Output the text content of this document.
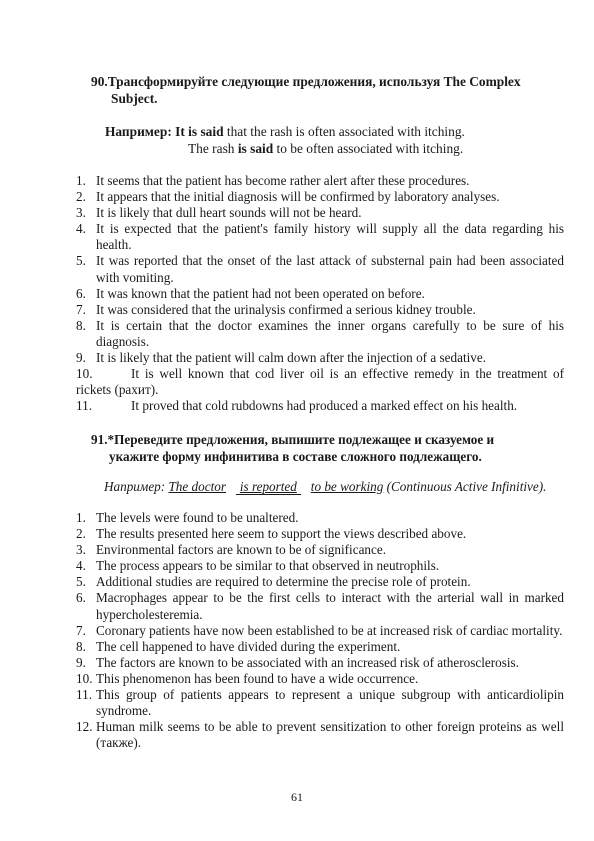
90.Трансформируйте следующие предложения, используя The Complex
Subject.
Например: It is said that the rash is often associated with itching.
The rash is said to be often associated with itching.
1. It seems that the patient has become rather alert after these procedures.
2. It appears that the initial diagnosis will be confirmed by laboratory analyses.
3. It is likely that dull heart sounds will not be heard.
4. It is expected that the patient's family history will supply all the data regarding his health.
5. It was reported that the onset of the last attack of substernal pain had been associated with vomiting.
6. It was known that the patient had not been operated on before.
7. It was considered that the urinalysis confirmed a serious kidney trouble.
8. It is certain that the doctor examines the inner organs carefully to be sure of his diagnosis.
9. It is likely that the patient will calm down after the injection of a sedative.
10.	It is well known that cod liver oil is an effective remedy in the treatment of rickets (рахит).
11.	It proved that cold rubdowns had produced a marked effect on his health.
91.*Переведите предложения, выпишите подлежащее и сказуемое и
укажите форму инфинитива в составе сложного подлежащего.
Например: The doctor is reported to be working (Continuous Active Infinitive).
1. The levels were found to be unaltered.
2. The results presented here seem to support the views described above.
3. Environmental factors are known to be of significance.
4. The process appears to be similar to that observed in neutrophils.
5. Additional studies are required to determine the precise role of protein.
6. Macrophages appear to be the first cells to interact with the arterial wall in marked hypercholesteremia.
7. Coronary patients have now been established to be at increased risk of cardiac mortality.
8. The cell happened to have divided during the experiment.
9. The factors are known to be associated with an increased risk of atherosclerosis.
10. This phenomenon has been found to have a wide occurrence.
11. This group of patients appears to represent a unique subgroup with anticardiolipin syndrome.
12. Human milk seems to be able to prevent sensitization to other foreign proteins as well (также).
61
